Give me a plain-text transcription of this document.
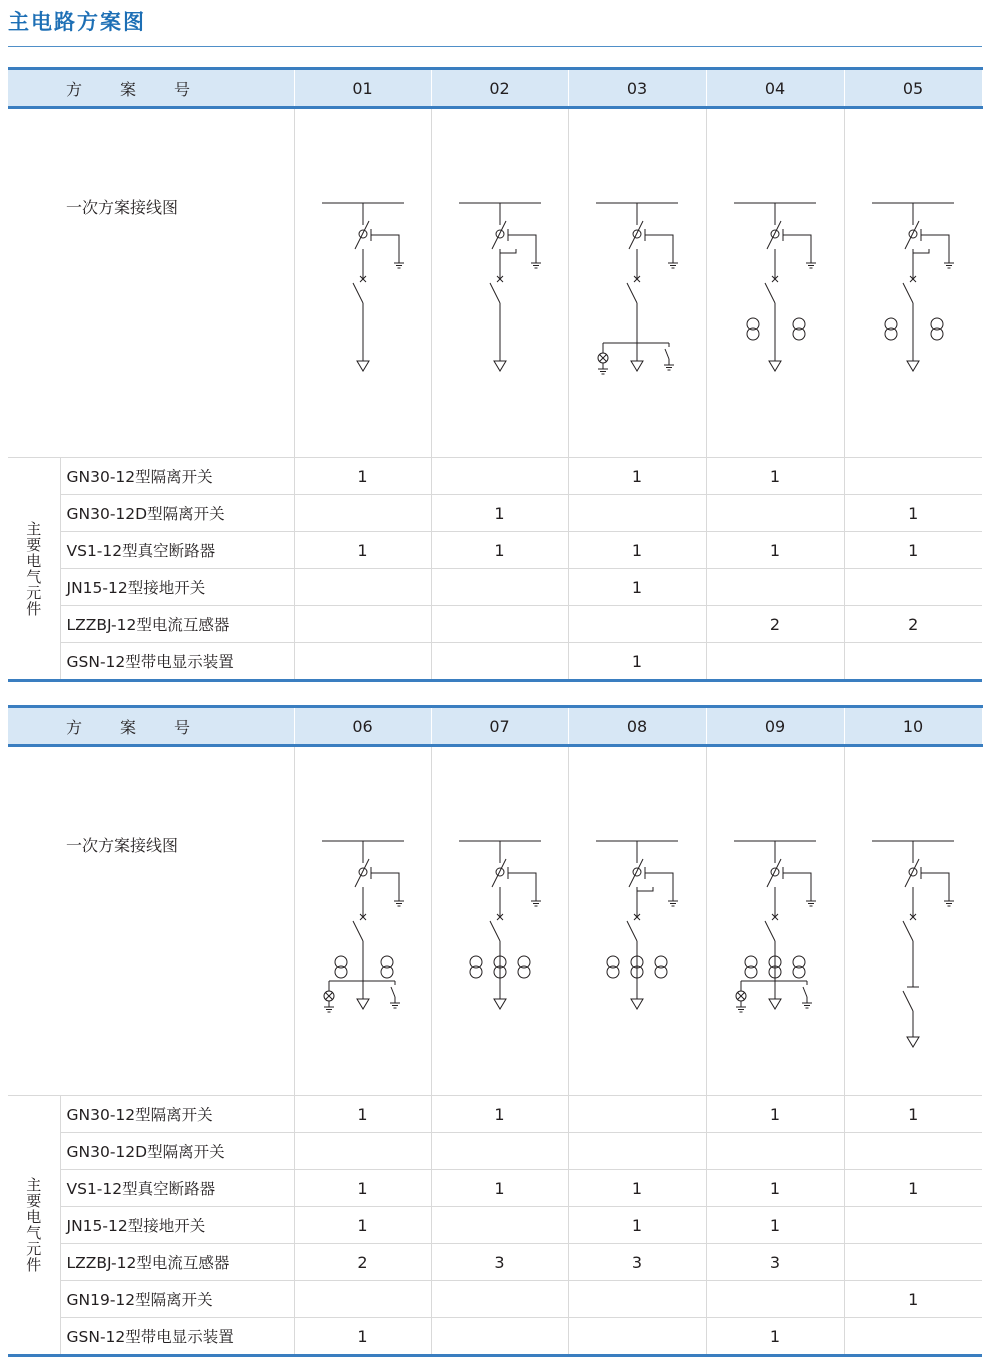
主电路方案图
方 案 号		01	02	03	04	05
一次方案接线图	

主要电气元件	GN30-12型隔离开关	1		1	1	
	GN30-12D型隔离开关		1			1
	VS1-12型真空断路器	1	1	1	1	1
	JN15-12型接地开关			1		
	LZZBJ-12型电流互感器				2	2
	GSN-12型带电显示装置			1		
方 案 号		06	07	08	09	10
一次方案接线图	

主要电气元件	GN30-12型隔离开关	1	1		1	1
	GN30-12D型隔离开关					
	VS1-12型真空断路器	1	1	1	1	1
	JN15-12型接地开关	1		1	1	
	LZZBJ-12型电流互感器	2	3	3	3	
	GN19-12型隔离开关					1
	GSN-12型带电显示装置	1			1	
